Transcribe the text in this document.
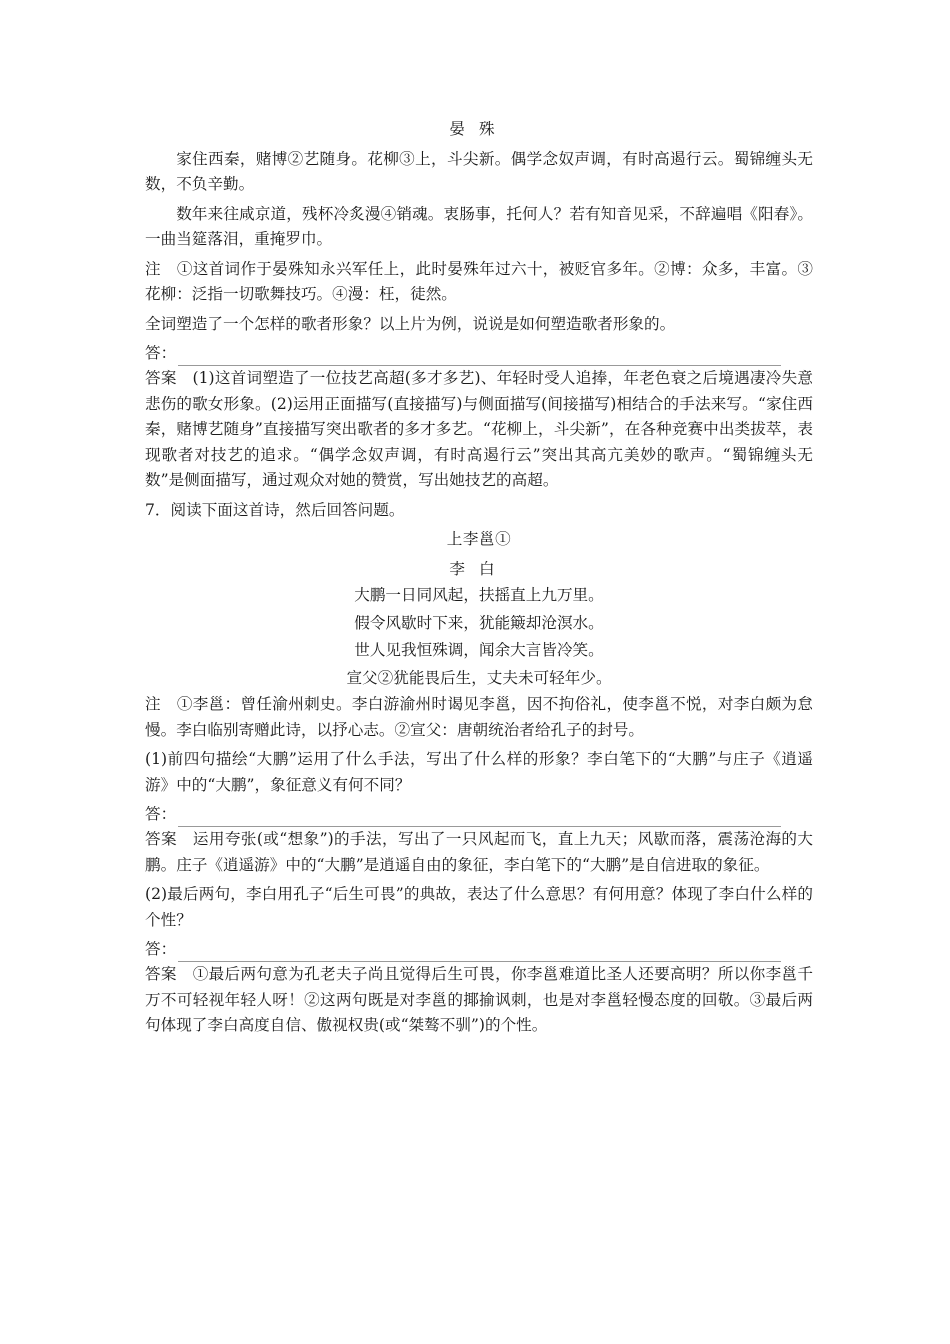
晏殊

家住西秦，赌博②艺随身。花柳③上，斗尖新。偶学念奴声调，有时高遏行云。蜀锦缠头无数，不负辛勤。

数年来往咸京道，残杯冷炙漫④销魂。衷肠事，托何人？若有知音见采，不辞遍唱《阳春》。一曲当筵落泪，重掩罗巾。

注　①这首词作于晏殊知永兴军任上，此时晏殊年过六十，被贬官多年。②博：众多，丰富。③花柳：泛指一切歌舞技巧。④漫：枉，徒然。

全词塑造了一个怎样的歌者形象？以上片为例，说说是如何塑造歌者形象的。

答：

答案　(1)这首词塑造了一位技艺高超(多才多艺)、年轻时受人追捧，年老色衰之后境遇凄冷失意悲伤的歌女形象。(2)运用正面描写(直接描写)与侧面描写(间接描写)相结合的手法来写。“家住西秦，赌博艺随身”直接描写突出歌者的多才多艺。“花柳上，斗尖新”，在各种竞赛中出类拔萃，表现歌者对技艺的追求。“偶学念奴声调，有时高遏行云”突出其高亢美妙的歌声。“蜀锦缠头无数”是侧面描写，通过观众对她的赞赏，写出她技艺的高超。

7．阅读下面这首诗，然后回答问题。

上李邕①

李白

大鹏一日同风起，扶摇直上九万里。
假令风歇时下来，犹能簸却沧溟水。
世人见我恒殊调，闻余大言皆冷笑。
宣父②犹能畏后生，丈夫未可轻年少。

注　①李邕：曾任渝州刺史。李白游渝州时谒见李邕，因不拘俗礼，使李邕不悦，对李白颇为怠慢。李白临别寄赠此诗，以抒心志。②宣父：唐朝统治者给孔子的封号。

(1)前四句描绘“大鹏”运用了什么手法，写出了什么样的形象？李白笔下的“大鹏”与庄子《逍遥游》中的“大鹏”，象征意义有何不同？

答：

答案　运用夸张(或“想象”)的手法，写出了一只风起而飞，直上九天；风歇而落，震荡沧海的大鹏。庄子《逍遥游》中的“大鹏”是逍遥自由的象征，李白笔下的“大鹏”是自信进取的象征。

(2)最后两句，李白用孔子“后生可畏”的典故，表达了什么意思？有何用意？体现了李白什么样的个性？

答：

答案　①最后两句意为孔老夫子尚且觉得后生可畏，你李邕难道比圣人还要高明？所以你李邕千万不可轻视年轻人呀！②这两句既是对李邕的揶揄讽刺，也是对李邕轻慢态度的回敬。③最后两句体现了李白高度自信、傲视权贵(或“桀骜不驯”)的个性。
